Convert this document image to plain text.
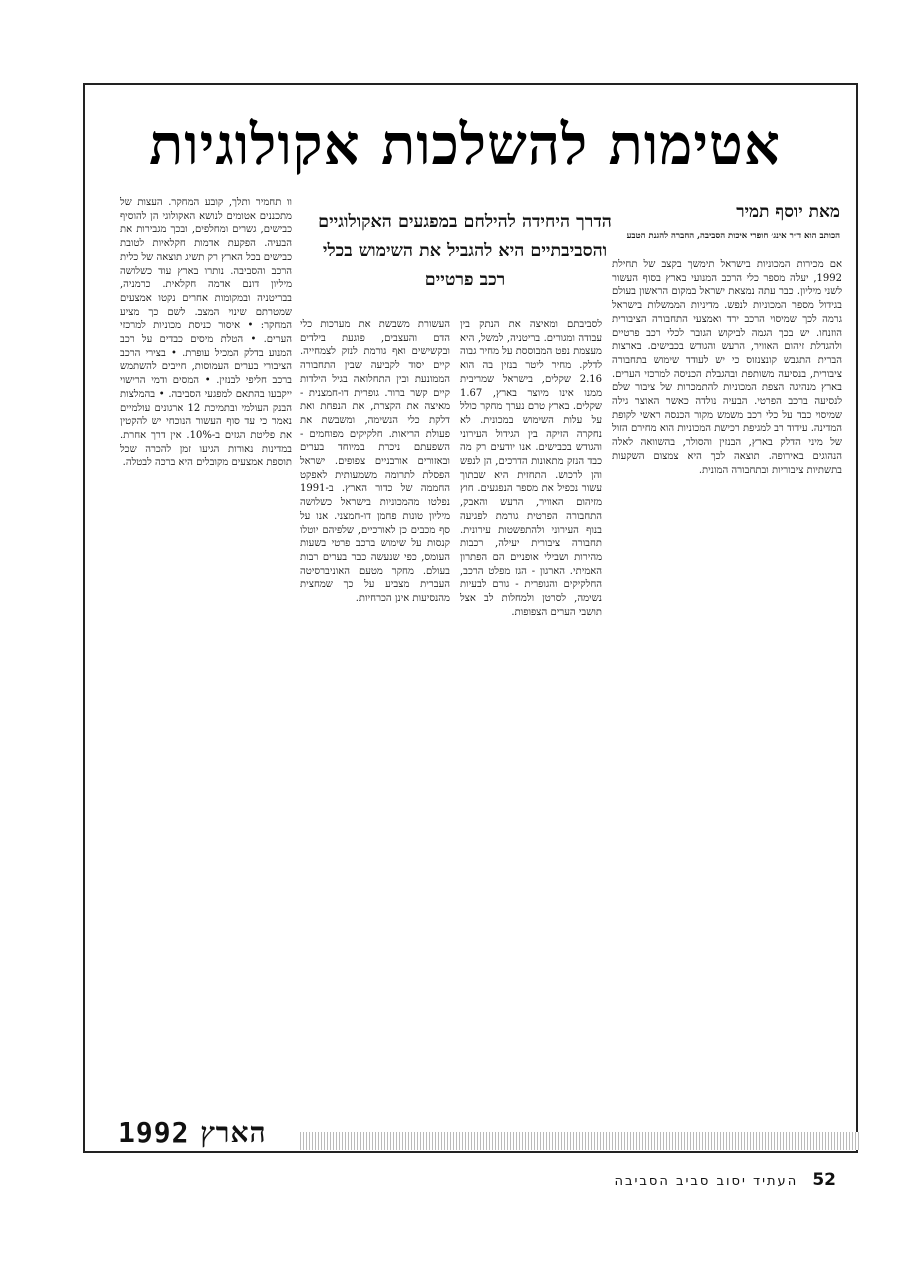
אטימות להשלכות אקולוגיות
מאת יוסף תמיר
הכותב הוא ד״ר אינג׳ חופרי איכות הסביבה, החברה להגנת הטבע
הדרך היחידה להילחם במפגעים האקולוגיים והסביבתיים היא להגביל את השימוש בכלי רכב פרטיים

אם מכירות המכוניות בישראל תימשך בקצב של תחילת 1992, יעלה מספר כלי הרכב המנועי בארץ בסוף העשור לשני מיליון. כבר עתה נמצאת ישראל במקום הראשון בעולם בגידול מספר המכוניות לנפש. מדיניות הממשלות בישראל גרמה לכך שמיסוי הרכב ירד ואמצעי התחבורה הציבורית הוזנחו. יש בכך הגמה לביקוש הגובר לכלי רכב פרטיים ולהגדלת זיהום האוויר, הרעש והגודש בכבישים. בארצות הברית התגבש קונצנזוס כי יש לעודד שימוש בתחבורה ציבורית, בנסיעה משותפת ובהגבלת הכניסה למרכזי הערים. בארץ מנהיגה הצפת המכוניות להתמכרות של ציבור שלם לנסיעה ברכב הפרטי. הבעיה נולדה כאשר האוצר גילה שמיסוי כבד על כלי רכב משמש מקור הכנסה ראשי לקופת המדינה. עידוד רב למגיפת רכישת המכוניות הוא מחירם הזול של מיני הדלק בארץ, הבנזין והסולר, בהשוואה לאלה הנהוגים באירופה. תוצאה לכך היא צמצום השקעות בתשתיות ציבוריות ובתחבורה המונית.

לסביבתם ומאיצה את הנתק בין עבודה ומגורים. בריטניה, למשל, היא מעצמת נפט המבוססת על מחיר גבוה לדלק. מחיר ליטר בנזין בה הוא 2.16 שקלים, בישראל שמריבית ממנו אינו מיוצר בארץ, 1.67 שקלים. בארץ טרם נערך מחקר כולל על עלות השימוש במכונית. לא נחקרה הזיקה בין הגידול העירוני והגודש בכבישים. אנו יודעים רק מה כבד הנזק מתאונות הדרכים, הן לנפש והן לרכוש. התחזית היא שבתוך עשור נכפיל את מספר הנפגעים. חוץ מזיהום האוויר, הרעש והאבק, התחבורה הפרטית גורמת לפגיעה בנוף העירוני ולהתפשטות עירונית. תחבורה ציבורית יעילה, רכבות מהירות ושבילי אופניים הם הפתרון האמיתי. הארגון - הגז מפלט הרכב, החלקיקים והגופרית - גורם לבעיות נשימה, לסרטן ולמחלות לב אצל תושבי הערים הצפופות.

העשורת משבשת את מערכות כלי הדם והעצבים, פוגעת בילדים ובקשישים ואף גורמת לנזק לצמחייה. קיים יסוד לקביעה שבין התחבורה הממונעת ובין התחלואה בגיל הילדות קיים קשר ברור. גופרית דו-חמצנית - מאיצה את הקצרת, את הנפחת ואת דלקת כלי הנשימה, ומשבשת את פעולת הריאות. חלקיקים מפוחמים - השפעתם ניכרת במיוחד בערים ובאזורים אורבניים צפופים. ישראל הפסלת לתרומה משמעותית לאפקט החממה של כדור הארץ. ב-1991 נפלטו מהמכוניות בישראל כשלושה מיליון טונות פחמן דו-חמצני. אנו על סף מכבים כן לאורכיים, שלפיהם יוטלו קנסות על שימוש ברכב פרטי בשעות העומס, כפי שנעשה כבר בערים רבות בעולם. מחקר מטעם האוניברסיטה העברית מצביע על כך שמחצית מהנסיעות אינן הכרחיות.

וו תחמיר ותלך, קובע המחקר. העצות של מתכננים אטומים לנושא האקולוגי הן להוסיף כבישים, גשרים ומחלפים, ובכך מגבירות את הבעיה. הפקעת אדמות חקלאיות לטובת כבישים בכל הארץ רק תשיג תוצאה של כלית הרכב והסביבה. נותרו בארץ עוד כשלושה מיליון דונם אדמה חקלאית. כרמניה, בבריטניה ובמקומות אחרים נקטו אמצעים שמטרתם שינוי המצב. לשם כך מציע המחקר: • איסור כניסת מכוניות למרכזי הערים. • הטלת מיסים כבדים על רכב המנוע בדלק המכיל עופרת. • בצירי הרכב הציבורי בערים העמוסות, חייבים להשתמש ברכב חליפי לבנזין. • המסים ודמי הרישוי ייקבעו בהתאם למפגעי הסביבה. • בהמלצות הבנק העולמי ובתמיכת 12 ארגונים עולמיים נאמר כי עד סוף העשור הנוכחי יש להקטין את פליטת הגזים ב-10%. אין דרך אחרת. במדינות נאורות הגיעו זמן להכרה שכל תוספת אמצעים מקובלים היא ברכה לבטלה.

הארץ 1992
52 העתיד יסוב סביב הסביבה
